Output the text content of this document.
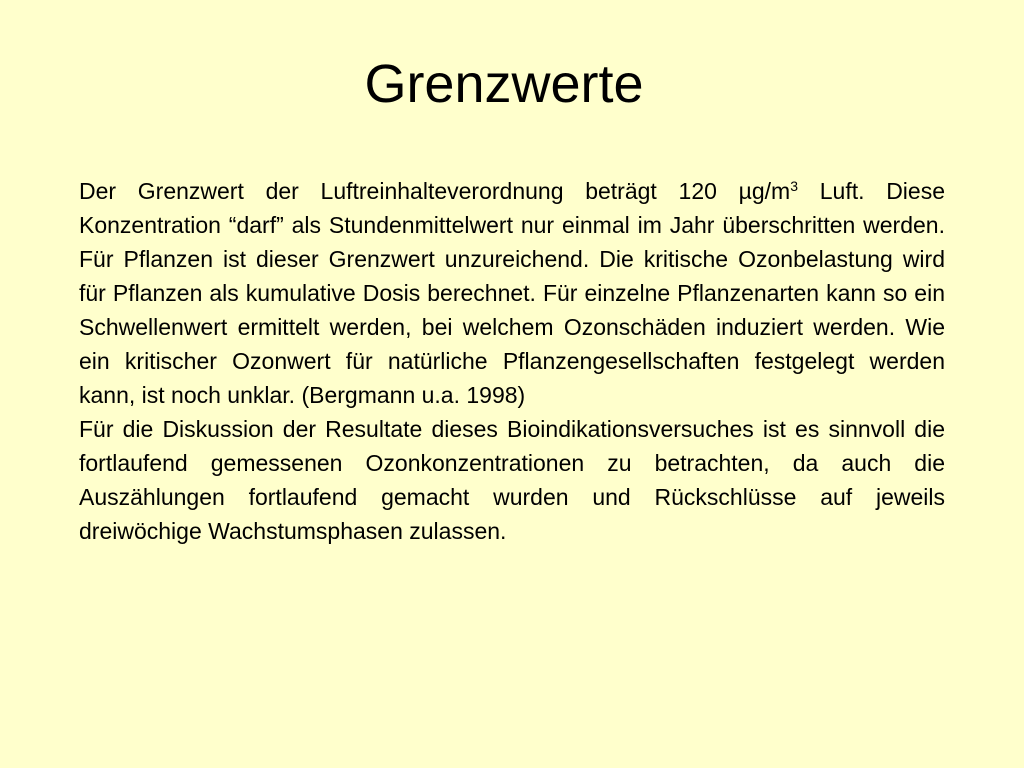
Grenzwerte

Der Grenzwert der Luftreinhalteverordnung beträgt 120 $\mu g/m^3$ Luft. Diese Konzentration “darf” als Stundenmittelwert nur einmal im Jahr überschritten werden. Für Pflanzen ist dieser Grenzwert unzureichend. Die kritische Ozonbelastung wird für Pflanzen als kumulative Dosis berechnet. Für einzelne Pflanzenarten kann so ein Schwellenwert ermittelt werden, bei welchem Ozonschäden induziert werden. Wie ein kritischer Ozonwert für natürliche Pflanzengesellschaften festgelegt werden kann, ist noch unklar. (Bergmann u.a. 1998)

Für die Diskussion der Resultate dieses Bioindikationsversuches ist es sinnvoll die fortlaufend gemessenen Ozonkonzentrationen zu betrachten, da auch die Auszählungen fortlaufend gemacht wurden und Rückschlüsse auf jeweils dreiwöchige Wachstumsphasen zulassen.
